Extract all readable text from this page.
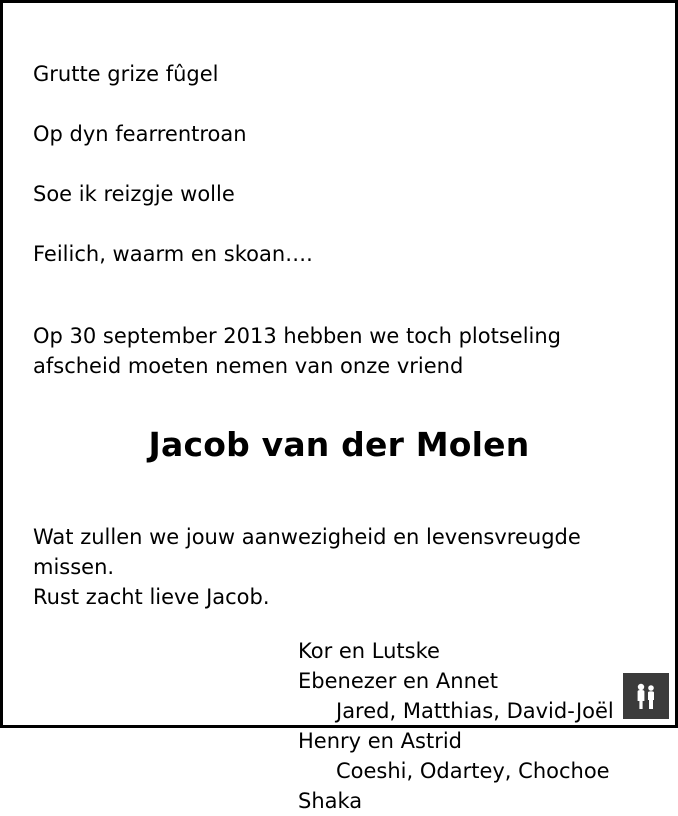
Grutte grize fûgel

Op dyn fearrentroan

Soe ik reizgje wolle

Feilich, waarm en skoan….

Op 30 september 2013 hebben we toch plotseling
afscheid moeten nemen van onze vriend
Jacob van der Molen
Wat zullen we jouw aanwezigheid en levensvreugde
missen.
Rust zacht lieve Jacob.
Kor en Lutske
Ebenezer en Annet
Jared, Matthias, David-Joël
Henry en Astrid
Coeshi, Odartey, Chochoe
Shaka
